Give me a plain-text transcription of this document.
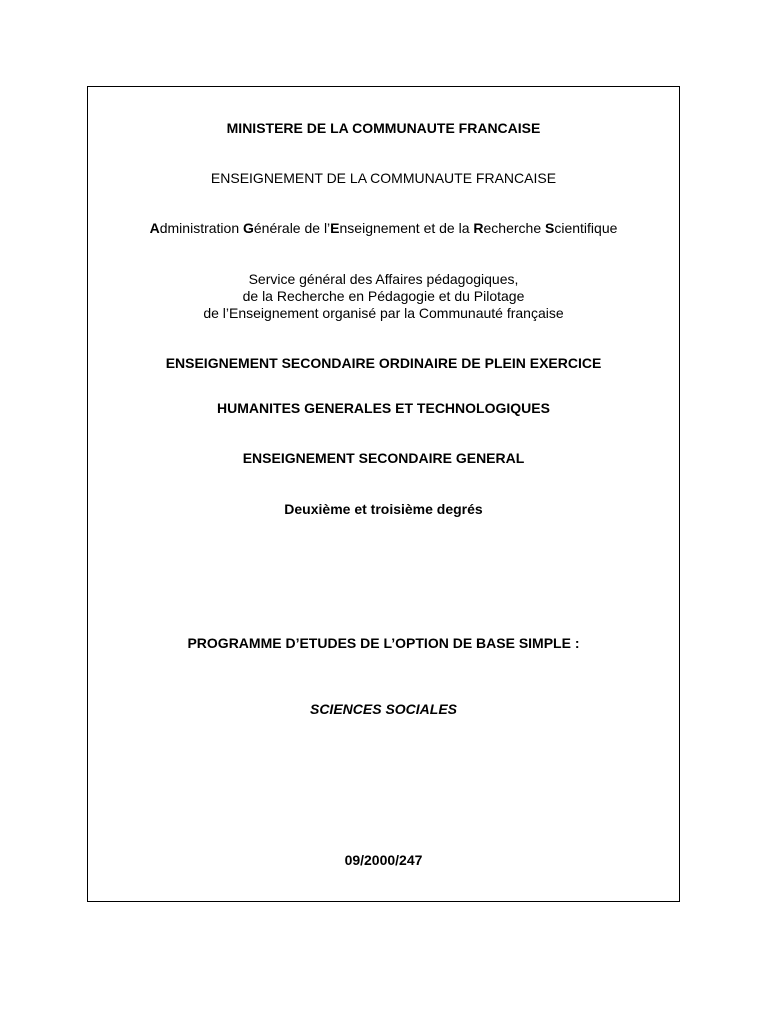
MINISTERE DE LA COMMUNAUTE FRANCAISE
ENSEIGNEMENT DE LA COMMUNAUTE FRANCAISE
Administration Générale de l’Enseignement et de la Recherche Scientifique
Service général des Affaires pédagogiques,
de la Recherche en Pédagogie et du Pilotage
de l’Enseignement organisé par la Communauté française
ENSEIGNEMENT SECONDAIRE ORDINAIRE DE PLEIN EXERCICE
HUMANITES GENERALES ET TECHNOLOGIQUES
ENSEIGNEMENT SECONDAIRE GENERAL
Deuxième et troisième degrés
PROGRAMME D’ETUDES DE L’OPTION DE BASE SIMPLE :
SCIENCES SOCIALES
09/2000/247
